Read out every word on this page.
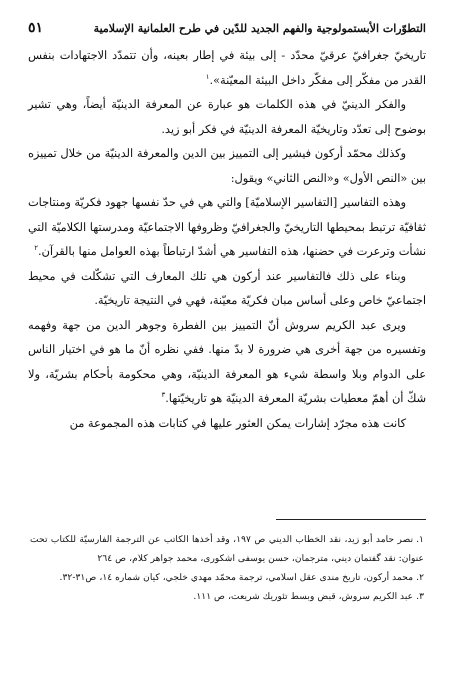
التطوّرات الأبستمولوجية والفهم الجديد للدّين في طرح العلمانية الإسلامية
٥١

تاريخيّ جغرافيّ عرقيّ محدّد - إلى بيئة في إطار بعينه، وأن تتمدّد الاجتهادات بنفس القدر من مفكّر إلى مفكّر داخل البيئة المعيّنة».$^١$

والفكر الدينيّ في هذه الكلمات هو عبارة عن المعرفة الدينيّة أيضاً، وهي تشير بوضوح إلى تعدّد وتاريخيّة المعرفة الدينيّة في فكر أبو زيد.

وكذلك محمّد أركون فيشير إلى التمييز بين الدين والمعرفة الدينيّة من خلال تمييزه بين «النص الأول» و«النص الثاني» ويقول:

وهذه التفاسير [التفاسير الإسلاميّة] والتي هي في حدّ نفسها جهود فكريّة ومنتاجات ثقافيّة ترتبط بمحيطها التاريخيّ والجغرافيّ وظروفها الاجتماعيّة ومدرستها الكلاميّة التي نشأت وترعرت في حضنها، هذه التفاسير هي أشدّ ارتباطاً بهذه العوامل منها بالقرآن.$^٢$

وبناء على ذلك فالتفاسير عند أركون هي تلك المعارف التي تشكّلت في محيط اجتماعيّ خاص وعلى أساس مبان فكريّة معيّنة، فهي في النتيجة تاريخيّة.

ويرى عبد الكريم سروش أنّ التمييز بين الفطرة وجوهر الدين من جهة وفهمه وتفسيره من جهة أخرى هي ضرورة لا بدّ منها. ففي نظره أنّ ما هو في اختيار الناس على الدوام وبلا واسطة شيء هو المعرفة الدينيّة، وهي محكومة بأحكام بشريّة، ولا شكّ أن أهمّ معطيات بشريّة المعرفة الدينيّة هو تاريخيّتها.$^٣$

كانت هذه مجرّد إشارات يمكن العثور عليها في كتابات هذه المجموعة من

١.نصر حامد أبو زيد، نقد الخطاب الديني ص ١٩٧، وقد أخذها الكاتب عن الترجمة الفارسيّة للكتاب تحت عنوان: نقد گفتمان ديني، مترجمان، حسن يوسفى اشكورى، محمد جواهر كلام، ص ٢٦٤

٢.محمد أركون، تاريخ مندى عقل اسلامي، ترجمة محمّد مهدي خلجي، كيان شماره ١٤، ص٣١-٣٢.

٣.عبد الكريم سروش، قبض وبسط تئوريك شريعت، ص ١١١.
